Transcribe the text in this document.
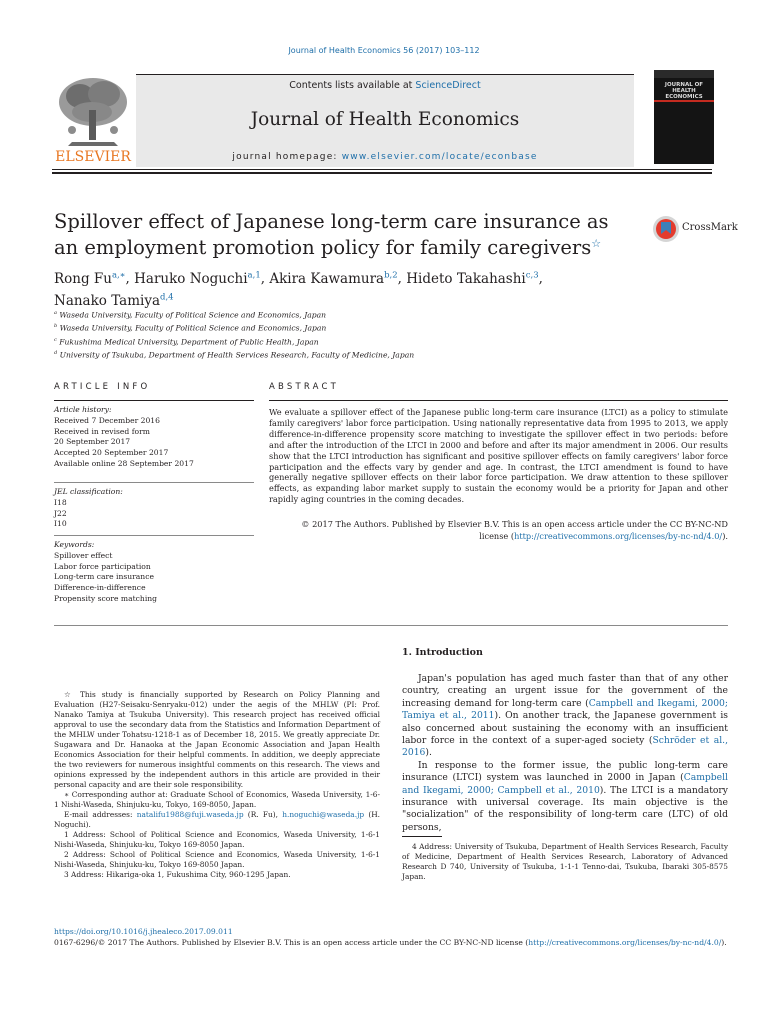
Journal of Health Economics 56 (2017) 103–112
ELSEVIER
Contents lists available at ScienceDirect
Journal of Health Economics
journal homepage: www.elsevier.com/locate/econbase
JOURNAL OF HEALTH ECONOMICS
Spillover effect of Japanese long-term care insurance as an employment promotion policy for family caregivers☆
CrossMark
Rong $Fu^{a,∗}$, Haruko Noguchi$^{a,1}$, Akira Kawamura$^{b,2}$, Hideto Takahashi$^{c,3}$,
Nanako Tamiya$^{d,4}$
$^a$ Waseda University, Faculty of Political Science and Economics, Japan
$^b$ Waseda University, Faculty of Political Science and Economics, Japan
$^c$ Fukushima Medical University, Department of Public Health, Japan
$^d$ University of Tsukuba, Department of Health Services Research, Faculty of Medicine, Japan
ARTICLE INFO
Article history:
Received 7 December 2016
Received in revised form
20 September 2017
Accepted 20 September 2017
Available online 28 September 2017
JEL classification:
I18
J22
I10
Keywords:
Spillover effect
Labor force participation
Long-term care insurance
Difference-in-difference
Propensity score matching
ABSTRACT
We evaluate a spillover effect of the Japanese public long-term care insurance (LTCI) as a policy to stimulate family caregivers' labor force participation. Using nationally representative data from 1995 to 2013, we apply difference-in-difference propensity score matching to investigate the spillover effect in two periods: before and after the introduction of the LTCI in 2000 and before and after its major amendment in 2006. Our results show that the LTCI introduction has significant and positive spillover effects on family caregivers' labor force participation and the effects vary by gender and age. In contrast, the LTCI amendment is found to have generally negative spillover effects on their labor force participation. We draw attention to these spillover effects, as expanding labor market supply to sustain the economy would be a priority for Japan and other rapidly aging countries in the coming decades.
© 2017 The Authors. Published by Elsevier B.V. This is an open access article under the CC BY-NC-ND
license (http://creativecommons.org/licenses/by-nc-nd/4.0/).
1. Introduction

Japan's population has aged much faster than that of any other country, creating an urgent issue for the government of the increasing demand for long-term care (Campbell and Ikegami, 2000; Tamiya et al., 2011). On another track, the Japanese government is also concerned about sustaining the economy with an insufficient labor force in the context of a super-aged society (Schröder et al., 2016).

In response to the former issue, the public long-term care insurance (LTCI) system was launched in 2000 in Japan (Campbell and Ikegami, 2000; Campbell et al., 2010). The LTCI is a mandatory insurance with universal coverage. Its main objective is the "socialization" of the responsibility of long-term care (LTC) of old persons,

☆ This study is financially supported by Research on Policy Planning and Evaluation (H27-Seisaku-Senryaku-012) under the aegis of the MHLW (PI: Prof. Nanako Tamiya at Tsukuba University). This research project has received official approval to use the secondary data from the Statistics and Information Department of the MHLW under Tohatsu-1218-1 as of December 18, 2015. We greatly appreciate Dr. Sugawara and Dr. Hanaoka at the Japan Economic Association and Japan Health Economics Association for their helpful comments. In addition, we deeply appreciate the two reviewers for numerous insightful comments on this research. The views and opinions expressed by the independent authors in this article are provided in their personal capacity and are their sole responsibility.

∗ Corresponding author at: Graduate School of Economics, Waseda University, 1-6-1 Nishi-Waseda, Shinjuku-ku, Tokyo, 169-8050, Japan.

E-mail addresses: natalifu1988@fuji.waseda.jp (R. Fu), h.noguchi@waseda.jp (H. Noguchi).

1 Address: School of Political Science and Economics, Waseda University, 1-6-1 Nishi-Waseda, Shinjuku-ku, Tokyo 169-8050 Japan.

2 Address: School of Political Science and Economics, Waseda University, 1-6-1 Nishi-Waseda, Shinjuku-ku, Tokyo 169-8050 Japan.

3 Address: Hikariga-oka 1, Fukushima City, 960-1295 Japan.

4 Address: University of Tsukuba, Department of Health Services Research, Faculty of Medicine, Department of Health Services Research, Laboratory of Advanced Research D 740, University of Tsukuba, 1-1-1 Tenno-dai, Tsukuba, Ibaraki 305-8575 Japan.

https://doi.org/10.1016/j.jhealeco.2017.09.011
0167-6296/© 2017 The Authors. Published by Elsevier B.V. This is an open access article under the CC BY-NC-ND license (http://creativecommons.org/licenses/by-nc-nd/4.0/).
